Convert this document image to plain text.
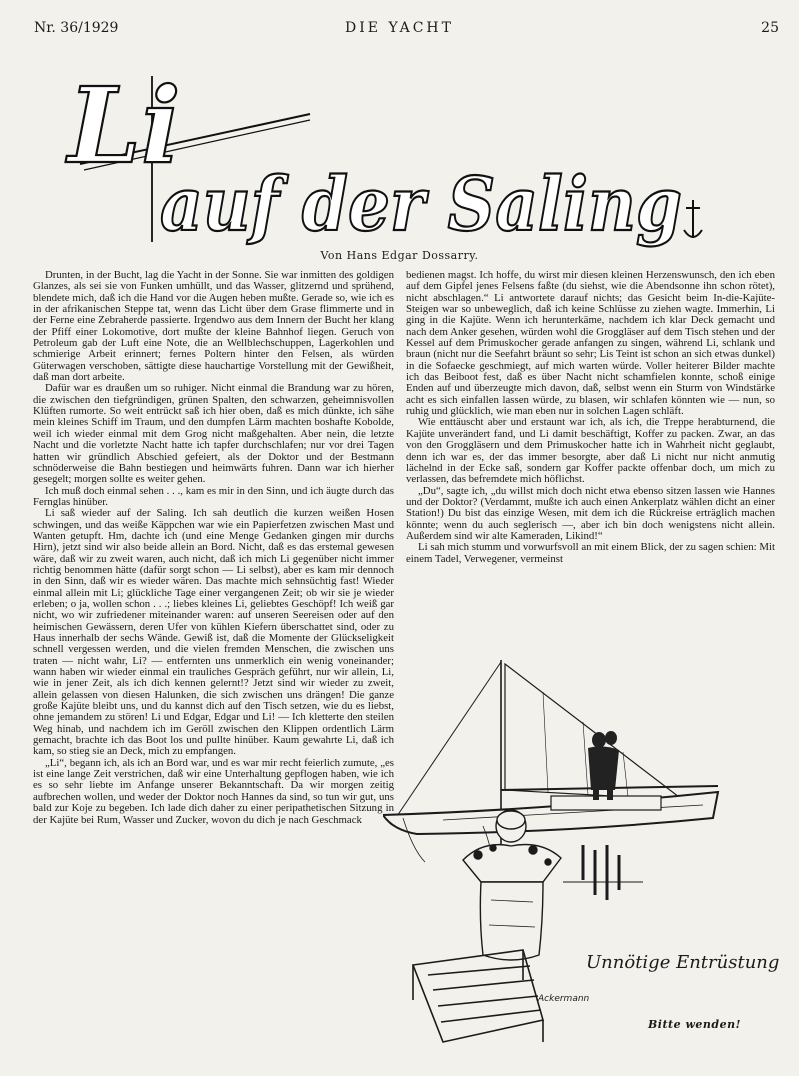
Nr. 36/1929	DIE YACHT	25
Li
auf der Saling
Von Hans Edgar Dossarry.

Drunten, in der Bucht, lag die Yacht in der Sonne. Sie war inmitten des goldigen Glanzes, als sei sie von Funken umhüllt, und das Wasser, glitzernd und sprühend, blendete mich, daß ich die Hand vor die Augen heben mußte. Gerade so, wie ich es in der afrikanischen Steppe tat, wenn das Licht über dem Grase flimmerte und in der Ferne eine Zebraherde passierte. Irgendwo aus dem Innern der Bucht her klang der Pfiff einer Lokomotive, dort mußte der kleine Bahnhof liegen. Geruch von Petroleum gab der Luft eine Note, die an Wellblechschuppen, Lagerkohlen und schmierige Arbeit erinnert; fernes Poltern hinter den Felsen, als würden Güterwagen verschoben, sättigte diese hauchartige Vorstellung mit der Gewißheit, daß man dort arbeite.

Dafür war es draußen um so ruhiger. Nicht einmal die Brandung war zu hören, die zwischen den tiefgründigen, grünen Spalten, den schwarzen, geheimnisvollen Klüften rumorte. So weit entrückt saß ich hier oben, daß es mich dünkte, ich sähe mein kleines Schiff im Traum, und den dumpfen Lärm machten boshafte Kobolde, weil ich wieder einmal mit dem Grog nicht maßgehalten. Aber nein, die letzte Nacht und die vorletzte Nacht hatte ich tapfer durchschlafen; nur vor drei Tagen hatten wir gründlich Abschied gefeiert, als der Doktor und der Bestmann schnöderweise die Bahn bestiegen und heimwärts fuhren. Dann war ich hierher gesegelt; morgen sollte es weiter gehen.

Ich muß doch einmal sehen . . ., kam es mir in den Sinn, und ich äugte durch das Fernglas hinüber.

Li saß wieder auf der Saling. Ich sah deutlich die kurzen weißen Hosen schwingen, und das weiße Käppchen war wie ein Papierfetzen zwischen Mast und Wanten getupft. Hm, dachte ich (und eine Menge Gedanken gingen mir durchs Hirn), jetzt sind wir also beide allein an Bord. Nicht, daß es das erstemal gewesen wäre, daß wir zu zweit waren, auch nicht, daß ich mich Li gegenüber nicht immer richtig benommen hätte (dafür sorgt schon — Li selbst), aber es kam mir dennoch in den Sinn, daß wir es wieder wären. Das machte mich sehnsüchtig fast! Wieder einmal allein mit Li; glückliche Tage einer vergangenen Zeit; ob wir sie je wieder erleben; o ja, wollen schon . . .; liebes kleines Li, geliebtes Geschöpf! Ich weiß gar nicht, wo wir zufriedener miteinander waren: auf unseren Seereisen oder auf den heimischen Gewässern, deren Ufer von kühlen Kiefern überschattet sind, oder zu Haus innerhalb der sechs Wände. Gewiß ist, daß die Momente der Glückseligkeit schnell vergessen werden, und die vielen fremden Menschen, die zwischen uns traten — nicht wahr, Li? — entfernten uns unmerklich ein wenig voneinander; wann haben wir wieder einmal ein trauliches Gespräch geführt, nur wir allein, Li, wie in jener Zeit, als ich dich kennen gelernt!? Jetzt sind wir wieder zu zweit, allein gelassen von diesen Halunken, die sich zwischen uns drängen! Die ganze große Kajüte bleibt uns, und du kannst dich auf den Tisch setzen, wie du es liebst, ohne jemandem zu stören! Li und Edgar, Edgar und Li! — Ich kletterte den steilen Weg hinab, und nachdem ich im Geröll zwischen den Klippen ordentlich Lärm gemacht, brachte ich das Boot los und pullte hinüber. Kaum gewahrte Li, daß ich kam, so stieg sie an Deck, mich zu empfangen.

„Li“, begann ich, als ich an Bord war, und es war mir recht feierlich zumute, „es ist eine lange Zeit verstrichen, daß wir eine Unterhaltung gepflogen haben, wie ich es so sehr liebte im Anfange unserer Bekanntschaft. Da wir morgen zeitig aufbrechen wollen, und weder der Doktor noch Hannes da sind, so tun wir gut, uns bald zur Koje zu begeben. Ich lade dich daher zu einer peripathetischen Sitzung in der Kajüte bei Rum, Wasser und Zucker, wovon du dich je nach Geschmack

bedienen magst. Ich hoffe, du wirst mir diesen kleinen Herzenswunsch, den ich eben auf dem Gipfel jenes Felsens faßte (du siehst, wie die Abendsonne ihn schon rötet), nicht abschlagen.“ Li antwortete darauf nichts; das Gesicht beim In-die-Kajüte-Steigen war so unbeweglich, daß ich keine Schlüsse zu ziehen wagte. Immerhin, Li ging in die Kajüte. Wenn ich herunterkäme, nachdem ich klar Deck gemacht und nach dem Anker gesehen, würden wohl die Groggläser auf dem Tisch stehen und der Kessel auf dem Primuskocher gerade anfangen zu singen, während Li, schlank und braun (nicht nur die Seefahrt bräunt so sehr; Lis Teint ist schon an sich etwas dunkel) in die Sofaecke geschmiegt, auf mich warten würde. Voller heiterer Bilder machte ich das Beiboot fest, daß es über Nacht nicht schamfielen konnte, schoß einige Enden auf und überzeugte mich davon, daß, selbst wenn ein Sturm von Windstärke acht es sich einfallen lassen würde, zu blasen, wir schlafen könnten wie — nun, so ruhig und glücklich, wie man eben nur in solchen Lagen schläft.

Wie enttäuscht aber und erstaunt war ich, als ich, die Treppe herabturnend, die Kajüte unverändert fand, und Li damit beschäftigt, Koffer zu packen. Zwar, an das von den Groggläsern und dem Primuskocher hatte ich in Wahrheit nicht geglaubt, denn ich war es, der das immer besorgte, aber daß Li nicht nur nicht anmutig lächelnd in der Ecke saß, sondern gar Koffer packte offenbar doch, um mich zu verlassen, das befremdete mich höflichst.

„Du“, sagte ich, „du willst mich doch nicht etwa ebenso sitzen lassen wie Hannes und der Doktor? (Verdammt, mußte ich auch einen Ankerplatz wählen dicht an einer Station!) Du bist das einzige Wesen, mit dem ich die Rückreise erträglich machen könnte; wenn du auch seglerisch —, aber ich bin doch wenigstens nicht allein. Außerdem sind wir alte Kameraden, Likind!“

Li sah mich stumm und vorwurfsvoll an mit einem Blick, der zu sagen schien: Mit einem Tadel, Verwegener, vermeinst

Unnötige Entrüstung
Ackermann
Bitte wenden!
